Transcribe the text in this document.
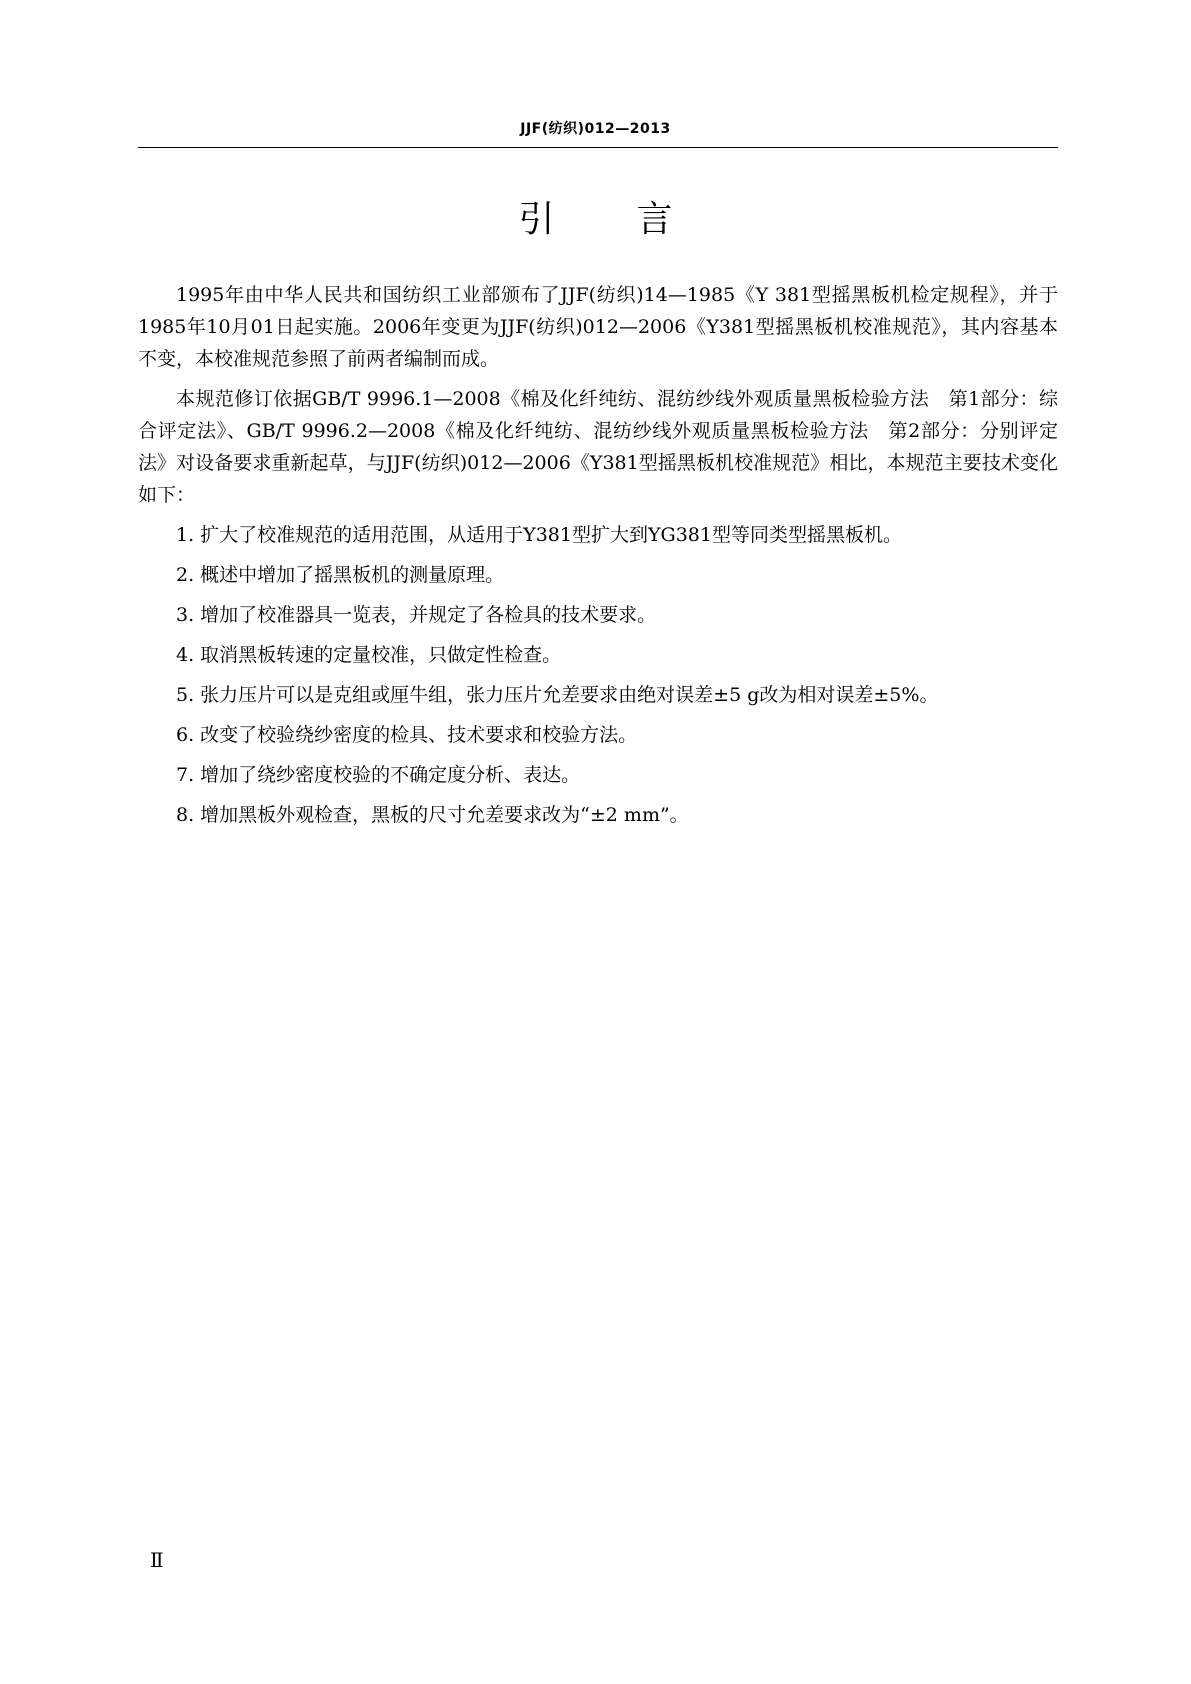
JJF(纺织)012—2013
引 言

1995年由中华人民共和国纺织工业部颁布了JJF(纺织)14—1985《Y 381型摇黑板机检定规程》，并于1985年10月01日起实施。2006年变更为JJF(纺织)012—2006《Y381型摇黑板机校准规范》，其内容基本不变，本校准规范参照了前两者编制而成。

本规范修订依据GB/T 9996.1—2008《棉及化纤纯纺、混纺纱线外观质量黑板检验方法　第1部分：综合评定法》、GB/T 9996.2—2008《棉及化纤纯纺、混纺纱线外观质量黑板检验方法　第2部分：分别评定法》对设备要求重新起草，与JJF(纺织)012—2006《Y381型摇黑板机校准规范》相比，本规范主要技术变化如下：

1. 扩大了校准规范的适用范围，从适用于Y381型扩大到YG381型等同类型摇黑板机。

2. 概述中增加了摇黑板机的测量原理。

3. 增加了校准器具一览表，并规定了各检具的技术要求。

4. 取消黑板转速的定量校准，只做定性检查。

5. 张力压片可以是克组或厘牛组，张力压片允差要求由绝对误差±5 g改为相对误差±5%。

6. 改变了校验绕纱密度的检具、技术要求和校验方法。

7. 增加了绕纱密度校验的不确定度分析、表达。

8. 增加黑板外观检查，黑板的尺寸允差要求改为“±2 mm”。

Ⅱ
